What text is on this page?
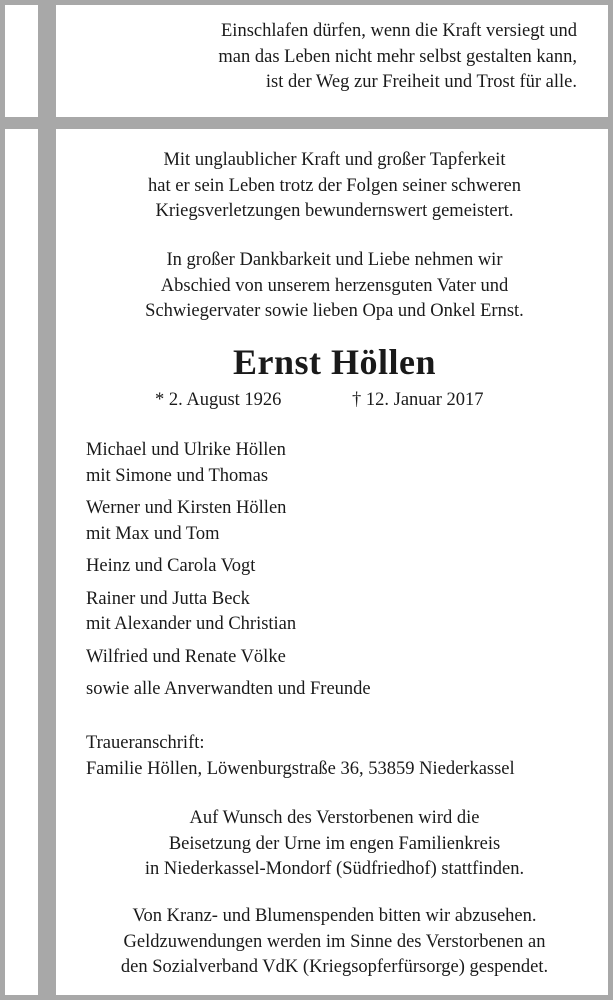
Einschlafen dürfen, wenn die Kraft versiegt und
man das Leben nicht mehr selbst gestalten kann,
ist der Weg zur Freiheit und Trost für alle.
Mit unglaublicher Kraft und großer Tapferkeit
hat er sein Leben trotz der Folgen seiner schweren
Kriegsverletzungen bewundernswert gemeistert.
In großer Dankbarkeit und Liebe nehmen wir
Abschied von unserem herzensguten Vater und
Schwiegervater sowie lieben Opa und Onkel Ernst.
Ernst Höllen
* 2. August 1926	† 12. Januar 2017
Michael und Ulrike Höllen
mit Simone und Thomas
Werner und Kirsten Höllen
mit Max und Tom
Heinz und Carola Vogt
Rainer und Jutta Beck
mit Alexander und Christian
Wilfried und Renate Völke
sowie alle Anverwandten und Freunde
Traueranschrift:
Familie Höllen, Löwenburgstraße 36, 53859 Niederkassel
Auf Wunsch des Verstorbenen wird die
Beisetzung der Urne im engen Familienkreis
in Niederkassel-Mondorf (Südfriedhof) stattfinden.
Von Kranz- und Blumenspenden bitten wir abzusehen.
Geldzuwendungen werden im Sinne des Verstorbenen an
den Sozialverband VdK (Kriegsopferfürsorge) gespendet.
